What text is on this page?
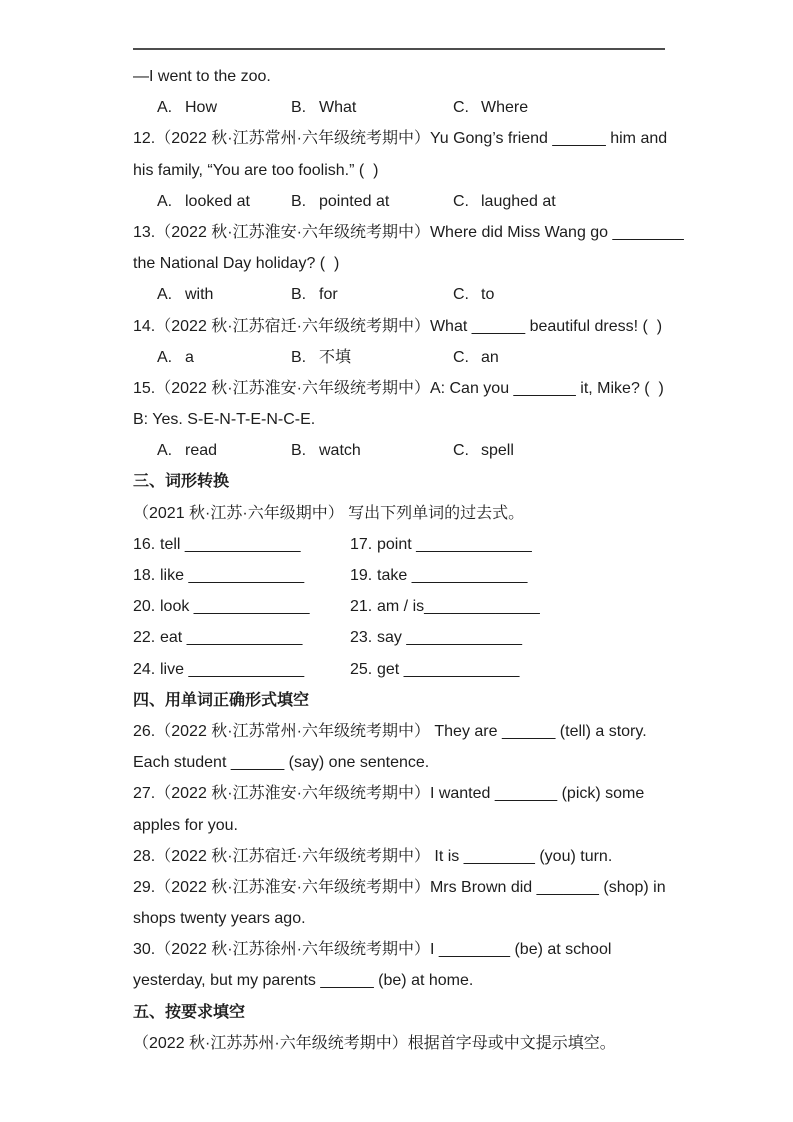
—I went to the zoo.
A. How	B. What	C. Where
12.（2022 秋·江苏常州·六年级统考期中）Yu Gong’s friend ______ him and
his family, “You are too foolish.” (  )
A. looked at	B. pointed at	C. laughed at
13.（2022 秋·江苏淮安·六年级统考期中）Where did Miss Wang go ________
the National Day holiday? (  )
A. with	B. for	C. to
14.（2022 秋·江苏宿迁·六年级统考期中）What ______ beautiful dress! (  )
A. a	B. 不填	C. an
15.（2022 秋·江苏淮安·六年级统考期中）A: Can you _______ it, Mike? (  )
B: Yes. S-E-N-T-E-N-C-E.
A. read	B. watch	C. spell
三、词形转换
（2021 秋·江苏·六年级期中） 写出下列单词的过去式。
16. tell _____________	17. point _____________
18. like _____________	19. take _____________
20. look _____________	21. am / is_____________
22. eat _____________	23. say _____________
24. live _____________	25. get _____________
四、用单词正确形式填空
26.（2022 秋·江苏常州·六年级统考期中） They are ______ (tell) a story.
Each student ______ (say) one sentence.
27.（2022 秋·江苏淮安·六年级统考期中）I wanted _______ (pick) some
apples for you.
28.（2022 秋·江苏宿迁·六年级统考期中） It is ________ (you) turn.
29.（2022 秋·江苏淮安·六年级统考期中）Mrs Brown did _______ (shop) in
shops twenty years ago.
30.（2022 秋·江苏徐州·六年级统考期中）I ________ (be) at school
yesterday, but my parents ______ (be) at home.
五、按要求填空
（2022 秋·江苏苏州·六年级统考期中）根据首字母或中文提示填空。
